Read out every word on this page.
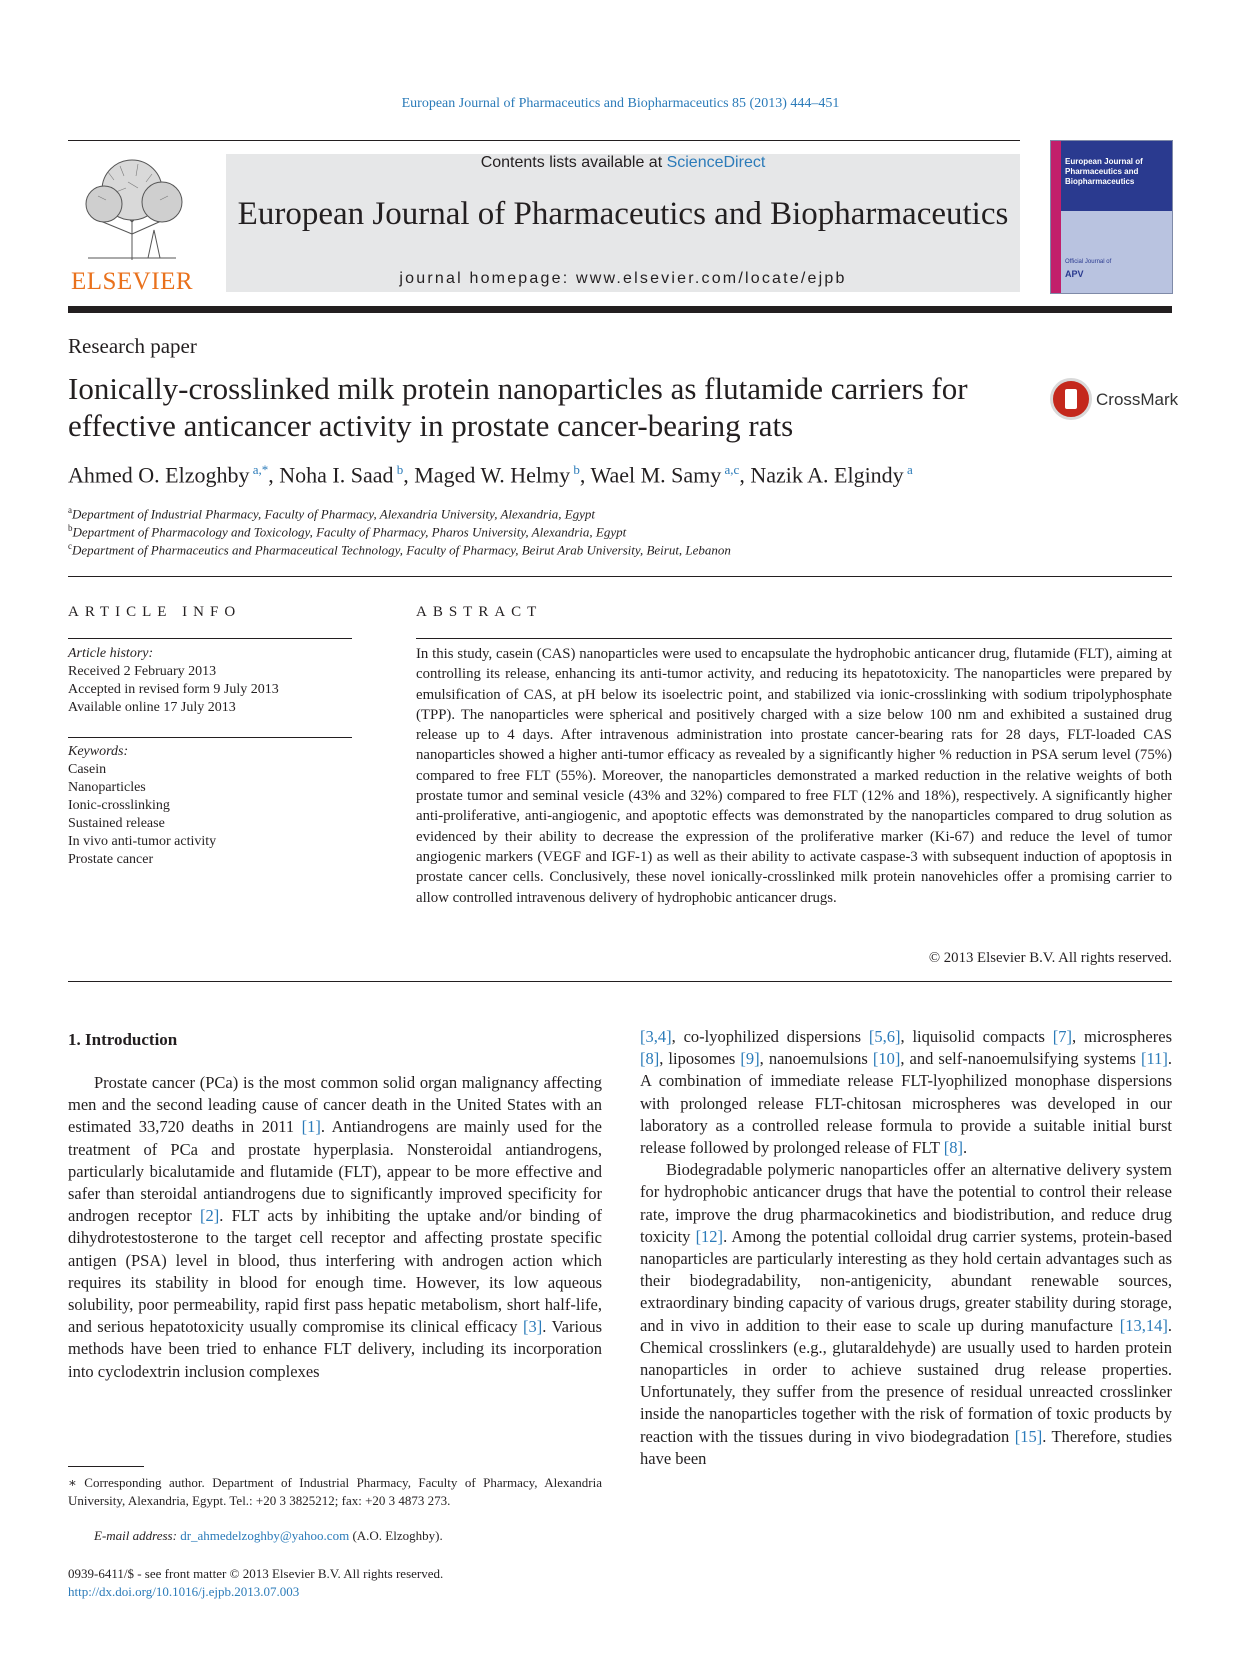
European Journal of Pharmaceutics and Biopharmaceutics 85 (2013) 444–451
ELSEVIER
Contents lists available at ScienceDirect
European Journal of Pharmaceutics and Biopharmaceutics
journal homepage: www.elsevier.com/locate/ejpb
European Journal of Pharmaceutics and Biopharmaceutics
Official Journal of
APV
Research paper
Ionically-crosslinked milk protein nanoparticles as flutamide carriers for effective anticancer activity in prostate cancer-bearing rats
CrossMark
Ahmed O. Elzoghby $^{a,*}$, Noha I. Saad $^b$, Maged W. Helmy $^b$, Wael M. Samy $^{a,c}$, Nazik A. Elgindy $^a$
$^a$Department of Industrial Pharmacy, Faculty of Pharmacy, Alexandria University, Alexandria, Egypt
$^b$Department of Pharmacology and Toxicology, Faculty of Pharmacy, Pharos University, Alexandria, Egypt
$^c$Department of Pharmaceutics and Pharmaceutical Technology, Faculty of Pharmacy, Beirut Arab University, Beirut, Lebanon
ARTICLE INFO
Article history:
Received 2 February 2013
Accepted in revised form 9 July 2013
Available online 17 July 2013
Keywords:
Casein
Nanoparticles
Ionic-crosslinking
Sustained release
In vivo anti-tumor activity
Prostate cancer
ABSTRACT
In this study, casein (CAS) nanoparticles were used to encapsulate the hydrophobic anticancer drug, flutamide (FLT), aiming at controlling its release, enhancing its anti-tumor activity, and reducing its hepatotoxicity. The nanoparticles were prepared by emulsification of CAS, at pH below its isoelectric point, and stabilized via ionic-crosslinking with sodium tripolyphosphate (TPP). The nanoparticles were spherical and positively charged with a size below 100 nm and exhibited a sustained drug release up to 4 days. After intravenous administration into prostate cancer-bearing rats for 28 days, FLT-loaded CAS nanoparticles showed a higher anti-tumor efficacy as revealed by a significantly higher % reduction in PSA serum level (75%) compared to free FLT (55%). Moreover, the nanoparticles demonstrated a marked reduction in the relative weights of both prostate tumor and seminal vesicle (43% and 32%) compared to free FLT (12% and 18%), respectively. A significantly higher anti-proliferative, anti-angiogenic, and apoptotic effects was demonstrated by the nanoparticles compared to drug solution as evidenced by their ability to decrease the expression of the proliferative marker (Ki-67) and reduce the level of tumor angiogenic markers (VEGF and IGF-1) as well as their ability to activate caspase-3 with subsequent induction of apoptosis in prostate cancer cells. Conclusively, these novel ionically-crosslinked milk protein nanovehicles offer a promising carrier to allow controlled intravenous delivery of hydrophobic anticancer drugs.
© 2013 Elsevier B.V. All rights reserved.
1. Introduction
Prostate cancer (PCa) is the most common solid organ malignancy affecting men and the second leading cause of cancer death in the United States with an estimated 33,720 deaths in 2011 [1]. Antiandrogens are mainly used for the treatment of PCa and prostate hyperplasia. Nonsteroidal antiandrogens, particularly bicalutamide and flutamide (FLT), appear to be more effective and safer than steroidal antiandrogens due to significantly improved specificity for androgen receptor [2]. FLT acts by inhibiting the uptake and/or binding of dihydrotestosterone to the target cell receptor and affecting prostate specific antigen (PSA) level in blood, thus interfering with androgen action which requires its stability in blood for enough time. However, its low aqueous solubility, poor permeability, rapid first pass hepatic metabolism, short half-life, and serious hepatotoxicity usually compromise its clinical efficacy [3]. Various methods have been tried to enhance FLT delivery, including its incorporation into cyclodextrin inclusion complexes

[3,4], co-lyophilized dispersions [5,6], liquisolid compacts [7], microspheres [8], liposomes [9], nanoemulsions [10], and self-nanoemulsifying systems [11]. A combination of immediate release FLT-lyophilized monophase dispersions with prolonged release FLT-chitosan microspheres was developed in our laboratory as a controlled release formula to provide a suitable initial burst release followed by prolonged release of FLT [8].

Biodegradable polymeric nanoparticles offer an alternative delivery system for hydrophobic anticancer drugs that have the potential to control their release rate, improve the drug pharmacokinetics and biodistribution, and reduce drug toxicity [12]. Among the potential colloidal drug carrier systems, protein-based nanoparticles are particularly interesting as they hold certain advantages such as their biodegradability, non-antigenicity, abundant renewable sources, extraordinary binding capacity of various drugs, greater stability during storage, and in vivo in addition to their ease to scale up during manufacture [13,14]. Chemical crosslinkers (e.g., glutaraldehyde) are usually used to harden protein nanoparticles in order to achieve sustained drug release properties. Unfortunately, they suffer from the presence of residual unreacted crosslinker inside the nanoparticles together with the risk of formation of toxic products by reaction with the tissues during in vivo biodegradation [15]. Therefore, studies have been

∗ Corresponding author. Department of Industrial Pharmacy, Faculty of Pharmacy, Alexandria University, Alexandria, Egypt. Tel.: +20 3 3825212; fax: +20 3 4873 273.
E-mail address: dr_ahmedelzoghby@yahoo.com (A.O. Elzoghby).
0939-6411/$ - see front matter © 2013 Elsevier B.V. All rights reserved.
http://dx.doi.org/10.1016/j.ejpb.2013.07.003
